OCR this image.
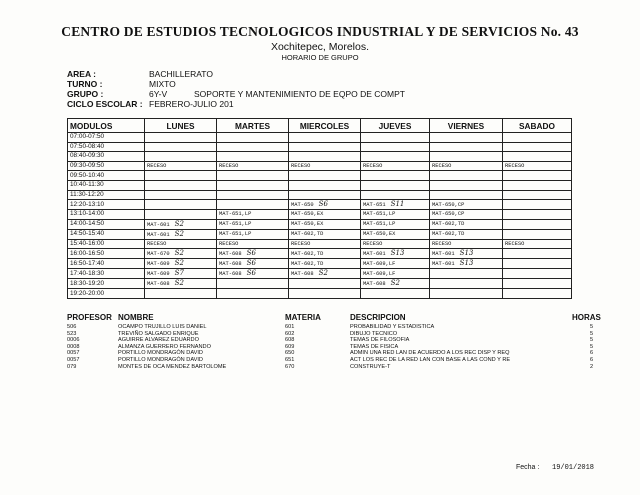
CENTRO DE ESTUDIOS TECNOLOGICOS INDUSTRIAL Y DE SERVICIOS No. 43
Xochitepec, Morelos.
HORARIO DE GRUPO
AREA :	BACHILLERATO
TURNO :	MIXTO
GRUPO :	6Y-V	SOPORTE Y MANTENIMIENTO DE EQPO DE COMPT
CICLO ESCOLAR : FEBRERO-JULIO 201
MODULOS	LUNES	MARTES	MIERCOLES	JUEVES	VIERNES	SABADO
07:00-07:50						
07:50-08:40						
08:40-09:30						
09:30-09:50	RECESO	RECESO	RECESO	RECESO	RECESO	RECESO
09:50-10:40						
10:40-11:30						
11:30-12:20						
12:20-13:10			MAT-650 S6	MAT-651 S11	MAT-650,CP	
13:10-14:00		MAT-651,LP	MAT-650,EX	MAT-651,LP	MAT-650,CP	
14:00-14:50	MAT-601 S2	MAT-651,LP	MAT-650,EX	MAT-651,LP	MAT-602,TD	
14:50-15:40	MAT-601 S2	MAT-651,LP	MAT-602,TD	MAT-650,EX	MAT-602,TD	
15:40-16:00	RECESO	RECESO	RECESO	RECESO	RECESO	RECESO
16:00-16:50	MAT-670 S2	MAT-608 S6	MAT-602,TD	MAT-601 S13	MAT-601 S13	
16:50-17:40	MAT-609 S2	MAT-608 S6	MAT-602,TD	MAT-609,LF	MAT-601 S13	
17:40-18:30	MAT-609 S7	MAT-608 S6	MAT-608 S2	MAT-609,LF		
18:30-19:20	MAT-608 S2			MAT-608 S2		
19:20-20:00						
PROFESOR NOMBRE	MATERIA	DESCRIPCION	HORAS
506	OCAMPO TRUJILLO LUIS DANIEL	601	PROBABILIDAD Y ESTADISTICA	5
523	TREVIÑO SALGADO ENRIQUE	602	DIBUJO TECNICO	5
0006	AGUIRRE ALVAREZ EDUARDO	608	TEMAS DE FILOSOFIA	5
0008	ALMANZA GUERRERO FERNANDO	609	TEMAS DE FISICA	5
0057	PORTILLO MONDRAGÓN DAVID	650	ADMIN UNA RED LAN DE ACUERDO A LOS REC DISP Y REQ	6
0057	PORTILLO MONDRAGÓN DAVID	651	ACT LOS REC DE LA RED LAN CON BASE A LAS COND Y RE	6
079	MONTES DE OCA MENDEZ BARTOLOME	670	CONSTRUYE-T	2
Fecha : 19/01/2018
